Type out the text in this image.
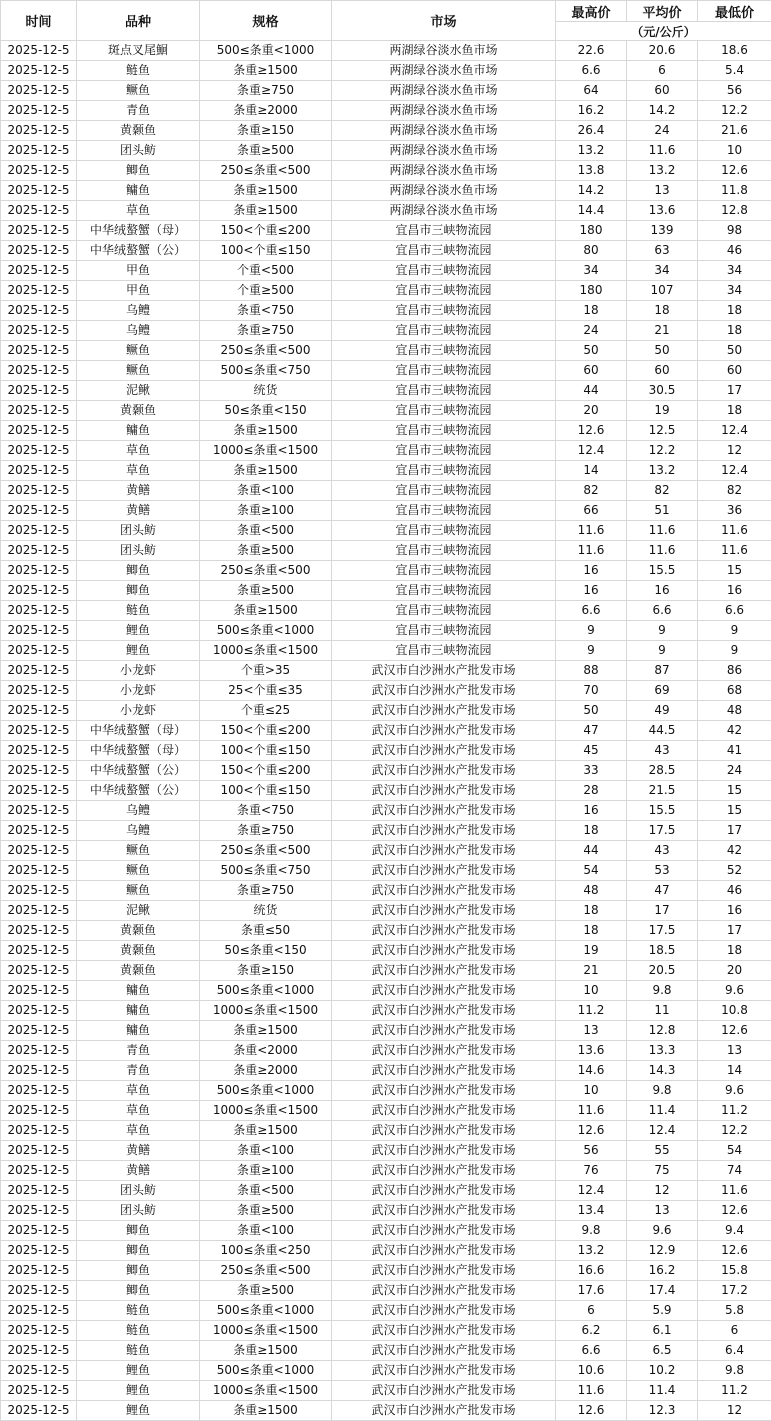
时间	品种	规格	市场	最高价	平均价	最低价
				（元/公斤）		
2025-12-5	斑点叉尾鮰	500≤条重<1000	两湖绿谷淡水鱼市场	22.6	20.6	18.6
2025-12-5	鲢鱼	条重≥1500	两湖绿谷淡水鱼市场	6.6	6	5.4
2025-12-5	鳜鱼	条重≥750	两湖绿谷淡水鱼市场	64	60	56
2025-12-5	青鱼	条重≥2000	两湖绿谷淡水鱼市场	16.2	14.2	12.2
2025-12-5	黄颡鱼	条重≥150	两湖绿谷淡水鱼市场	26.4	24	21.6
2025-12-5	团头鲂	条重≥500	两湖绿谷淡水鱼市场	13.2	11.6	10
2025-12-5	鲫鱼	250≤条重<500	两湖绿谷淡水鱼市场	13.8	13.2	12.6
2025-12-5	鳙鱼	条重≥1500	两湖绿谷淡水鱼市场	14.2	13	11.8
2025-12-5	草鱼	条重≥1500	两湖绿谷淡水鱼市场	14.4	13.6	12.8
2025-12-5	中华绒螯蟹（母）	150<个重≤200	宜昌市三峡物流园	180	139	98
2025-12-5	中华绒螯蟹（公）	100<个重≤150	宜昌市三峡物流园	80	63	46
2025-12-5	甲鱼	个重<500	宜昌市三峡物流园	34	34	34
2025-12-5	甲鱼	个重≥500	宜昌市三峡物流园	180	107	34
2025-12-5	乌鳢	条重<750	宜昌市三峡物流园	18	18	18
2025-12-5	乌鳢	条重≥750	宜昌市三峡物流园	24	21	18
2025-12-5	鳜鱼	250≤条重<500	宜昌市三峡物流园	50	50	50
2025-12-5	鳜鱼	500≤条重<750	宜昌市三峡物流园	60	60	60
2025-12-5	泥鳅	统货	宜昌市三峡物流园	44	30.5	17
2025-12-5	黄颡鱼	50≤条重<150	宜昌市三峡物流园	20	19	18
2025-12-5	鳙鱼	条重≥1500	宜昌市三峡物流园	12.6	12.5	12.4
2025-12-5	草鱼	1000≤条重<1500	宜昌市三峡物流园	12.4	12.2	12
2025-12-5	草鱼	条重≥1500	宜昌市三峡物流园	14	13.2	12.4
2025-12-5	黄鳝	条重<100	宜昌市三峡物流园	82	82	82
2025-12-5	黄鳝	条重≥100	宜昌市三峡物流园	66	51	36
2025-12-5	团头鲂	条重<500	宜昌市三峡物流园	11.6	11.6	11.6
2025-12-5	团头鲂	条重≥500	宜昌市三峡物流园	11.6	11.6	11.6
2025-12-5	鲫鱼	250≤条重<500	宜昌市三峡物流园	16	15.5	15
2025-12-5	鲫鱼	条重≥500	宜昌市三峡物流园	16	16	16
2025-12-5	鲢鱼	条重≥1500	宜昌市三峡物流园	6.6	6.6	6.6
2025-12-5	鲤鱼	500≤条重<1000	宜昌市三峡物流园	9	9	9
2025-12-5	鲤鱼	1000≤条重<1500	宜昌市三峡物流园	9	9	9
2025-12-5	小龙虾	个重>35	武汉市白沙洲水产批发市场	88	87	86
2025-12-5	小龙虾	25<个重≤35	武汉市白沙洲水产批发市场	70	69	68
2025-12-5	小龙虾	个重≤25	武汉市白沙洲水产批发市场	50	49	48
2025-12-5	中华绒螯蟹（母）	150<个重≤200	武汉市白沙洲水产批发市场	47	44.5	42
2025-12-5	中华绒螯蟹（母）	100<个重≤150	武汉市白沙洲水产批发市场	45	43	41
2025-12-5	中华绒螯蟹（公）	150<个重≤200	武汉市白沙洲水产批发市场	33	28.5	24
2025-12-5	中华绒螯蟹（公）	100<个重≤150	武汉市白沙洲水产批发市场	28	21.5	15
2025-12-5	乌鳢	条重<750	武汉市白沙洲水产批发市场	16	15.5	15
2025-12-5	乌鳢	条重≥750	武汉市白沙洲水产批发市场	18	17.5	17
2025-12-5	鳜鱼	250≤条重<500	武汉市白沙洲水产批发市场	44	43	42
2025-12-5	鳜鱼	500≤条重<750	武汉市白沙洲水产批发市场	54	53	52
2025-12-5	鳜鱼	条重≥750	武汉市白沙洲水产批发市场	48	47	46
2025-12-5	泥鳅	统货	武汉市白沙洲水产批发市场	18	17	16
2025-12-5	黄颡鱼	条重≤50	武汉市白沙洲水产批发市场	18	17.5	17
2025-12-5	黄颡鱼	50≤条重<150	武汉市白沙洲水产批发市场	19	18.5	18
2025-12-5	黄颡鱼	条重≥150	武汉市白沙洲水产批发市场	21	20.5	20
2025-12-5	鳙鱼	500≤条重<1000	武汉市白沙洲水产批发市场	10	9.8	9.6
2025-12-5	鳙鱼	1000≤条重<1500	武汉市白沙洲水产批发市场	11.2	11	10.8
2025-12-5	鳙鱼	条重≥1500	武汉市白沙洲水产批发市场	13	12.8	12.6
2025-12-5	青鱼	条重<2000	武汉市白沙洲水产批发市场	13.6	13.3	13
2025-12-5	青鱼	条重≥2000	武汉市白沙洲水产批发市场	14.6	14.3	14
2025-12-5	草鱼	500≤条重<1000	武汉市白沙洲水产批发市场	10	9.8	9.6
2025-12-5	草鱼	1000≤条重<1500	武汉市白沙洲水产批发市场	11.6	11.4	11.2
2025-12-5	草鱼	条重≥1500	武汉市白沙洲水产批发市场	12.6	12.4	12.2
2025-12-5	黄鳝	条重<100	武汉市白沙洲水产批发市场	56	55	54
2025-12-5	黄鳝	条重≥100	武汉市白沙洲水产批发市场	76	75	74
2025-12-5	团头鲂	条重<500	武汉市白沙洲水产批发市场	12.4	12	11.6
2025-12-5	团头鲂	条重≥500	武汉市白沙洲水产批发市场	13.4	13	12.6
2025-12-5	鲫鱼	条重<100	武汉市白沙洲水产批发市场	9.8	9.6	9.4
2025-12-5	鲫鱼	100≤条重<250	武汉市白沙洲水产批发市场	13.2	12.9	12.6
2025-12-5	鲫鱼	250≤条重<500	武汉市白沙洲水产批发市场	16.6	16.2	15.8
2025-12-5	鲫鱼	条重≥500	武汉市白沙洲水产批发市场	17.6	17.4	17.2
2025-12-5	鲢鱼	500≤条重<1000	武汉市白沙洲水产批发市场	6	5.9	5.8
2025-12-5	鲢鱼	1000≤条重<1500	武汉市白沙洲水产批发市场	6.2	6.1	6
2025-12-5	鲢鱼	条重≥1500	武汉市白沙洲水产批发市场	6.6	6.5	6.4
2025-12-5	鲤鱼	500≤条重<1000	武汉市白沙洲水产批发市场	10.6	10.2	9.8
2025-12-5	鲤鱼	1000≤条重<1500	武汉市白沙洲水产批发市场	11.6	11.4	11.2
2025-12-5	鲤鱼	条重≥1500	武汉市白沙洲水产批发市场	12.6	12.3	12
